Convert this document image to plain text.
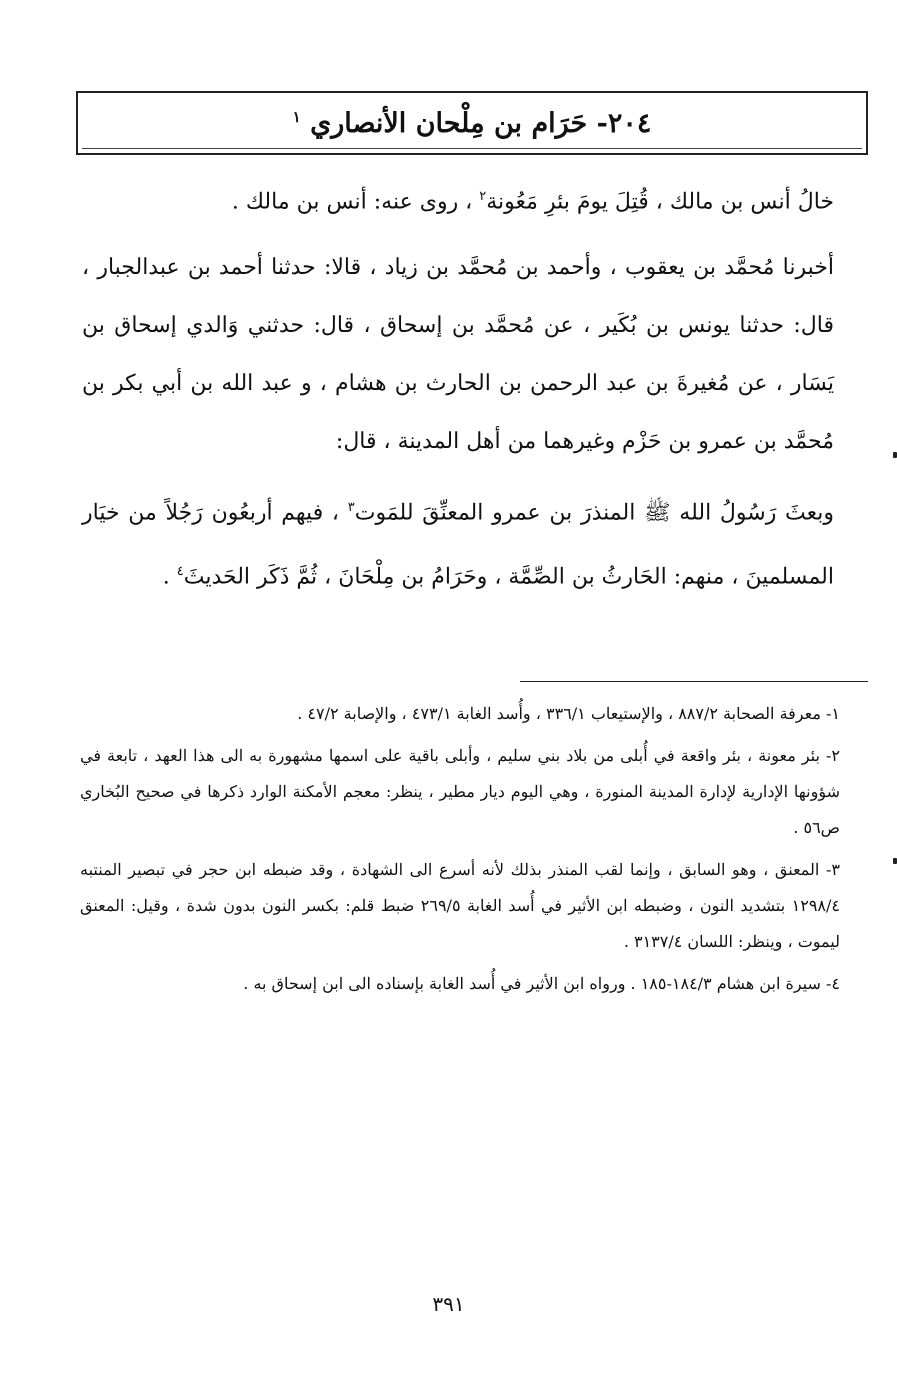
٢٠٤- حَرَام بن مِلْحان الأنصاري $^١$

خالُ أنس بن مالك ، قُتِلَ يومَ بئرِ مَعُونة$^٢$ ، روى عنه: أنس بن مالك .

أخبرنا مُحمَّد بن يعقوب ، وأحمد بن مُحمَّد بن زياد ، قالا: حدثنا أحمد بن عبدالجبار ، قال: حدثنا يونس بن بُكَير ، عن مُحمَّد بن إسحاق ، قال: حدثني وَالدي إسحاق بن يَسَار ، عن مُغيرةَ بن عبد الرحمن بن الحارث بن هشام ، و عبد الله بن أبي بكر بن مُحمَّد بن عمرو بن حَزْم وغيرهما من أهل المدينة ، قال:

وبعثَ رَسُولُ الله ﷺ المنذرَ بن عمرو المعنِّقَ للمَوت$^٣$ ، فيهم أربعُون رَجُلاً من خيَار المسلمينَ ، منهم: الحَارثُ بن الصِّمَّة ، وحَرَامُ بن مِلْحَانَ ، ثُمَّ ذَكَر الحَديثَ$^٤$ .

١- معرفة الصحابة ٨٨٧/٢ ، والإستيعاب ٣٣٦/١ ، وأُسد الغابة ٤٧٣/١ ، والإصابة ٤٧/٢ .

٢- بئر معونة ، بئر واقعة في أُبلى من بلاد بني سليم ، وأبلى باقية على اسمها مشهورة به الى هذا العهد ، تابعة في شؤونها الإدارية لإدارة المدينة المنورة ، وهي اليوم ديار مطير ، ينظر: معجم الأمكنة الوارد ذكرها في صحيح البُخاري ص٥٦ .

٣- المعنق ، وهو السابق ، وإنما لقب المنذر بذلك لأنه أسرع الى الشهادة ، وقد ضبطه ابن حجر في تبصير المنتبه ١٢٩٨/٤ بتشديد النون ، وضبطه ابن الأثير في أُسد الغابة ٢٦٩/٥ ضبط قلم: بكسر النون بدون شدة ، وقيل: المعنق ليموت ، وينظر: اللسان ٣١٣٧/٤ .

٤- سيرة ابن هشام ١٨٤/٣-١٨٥ . ورواه ابن الأثير في أُسد الغابة بإسناده الى ابن إسحاق به .

٣٩١
